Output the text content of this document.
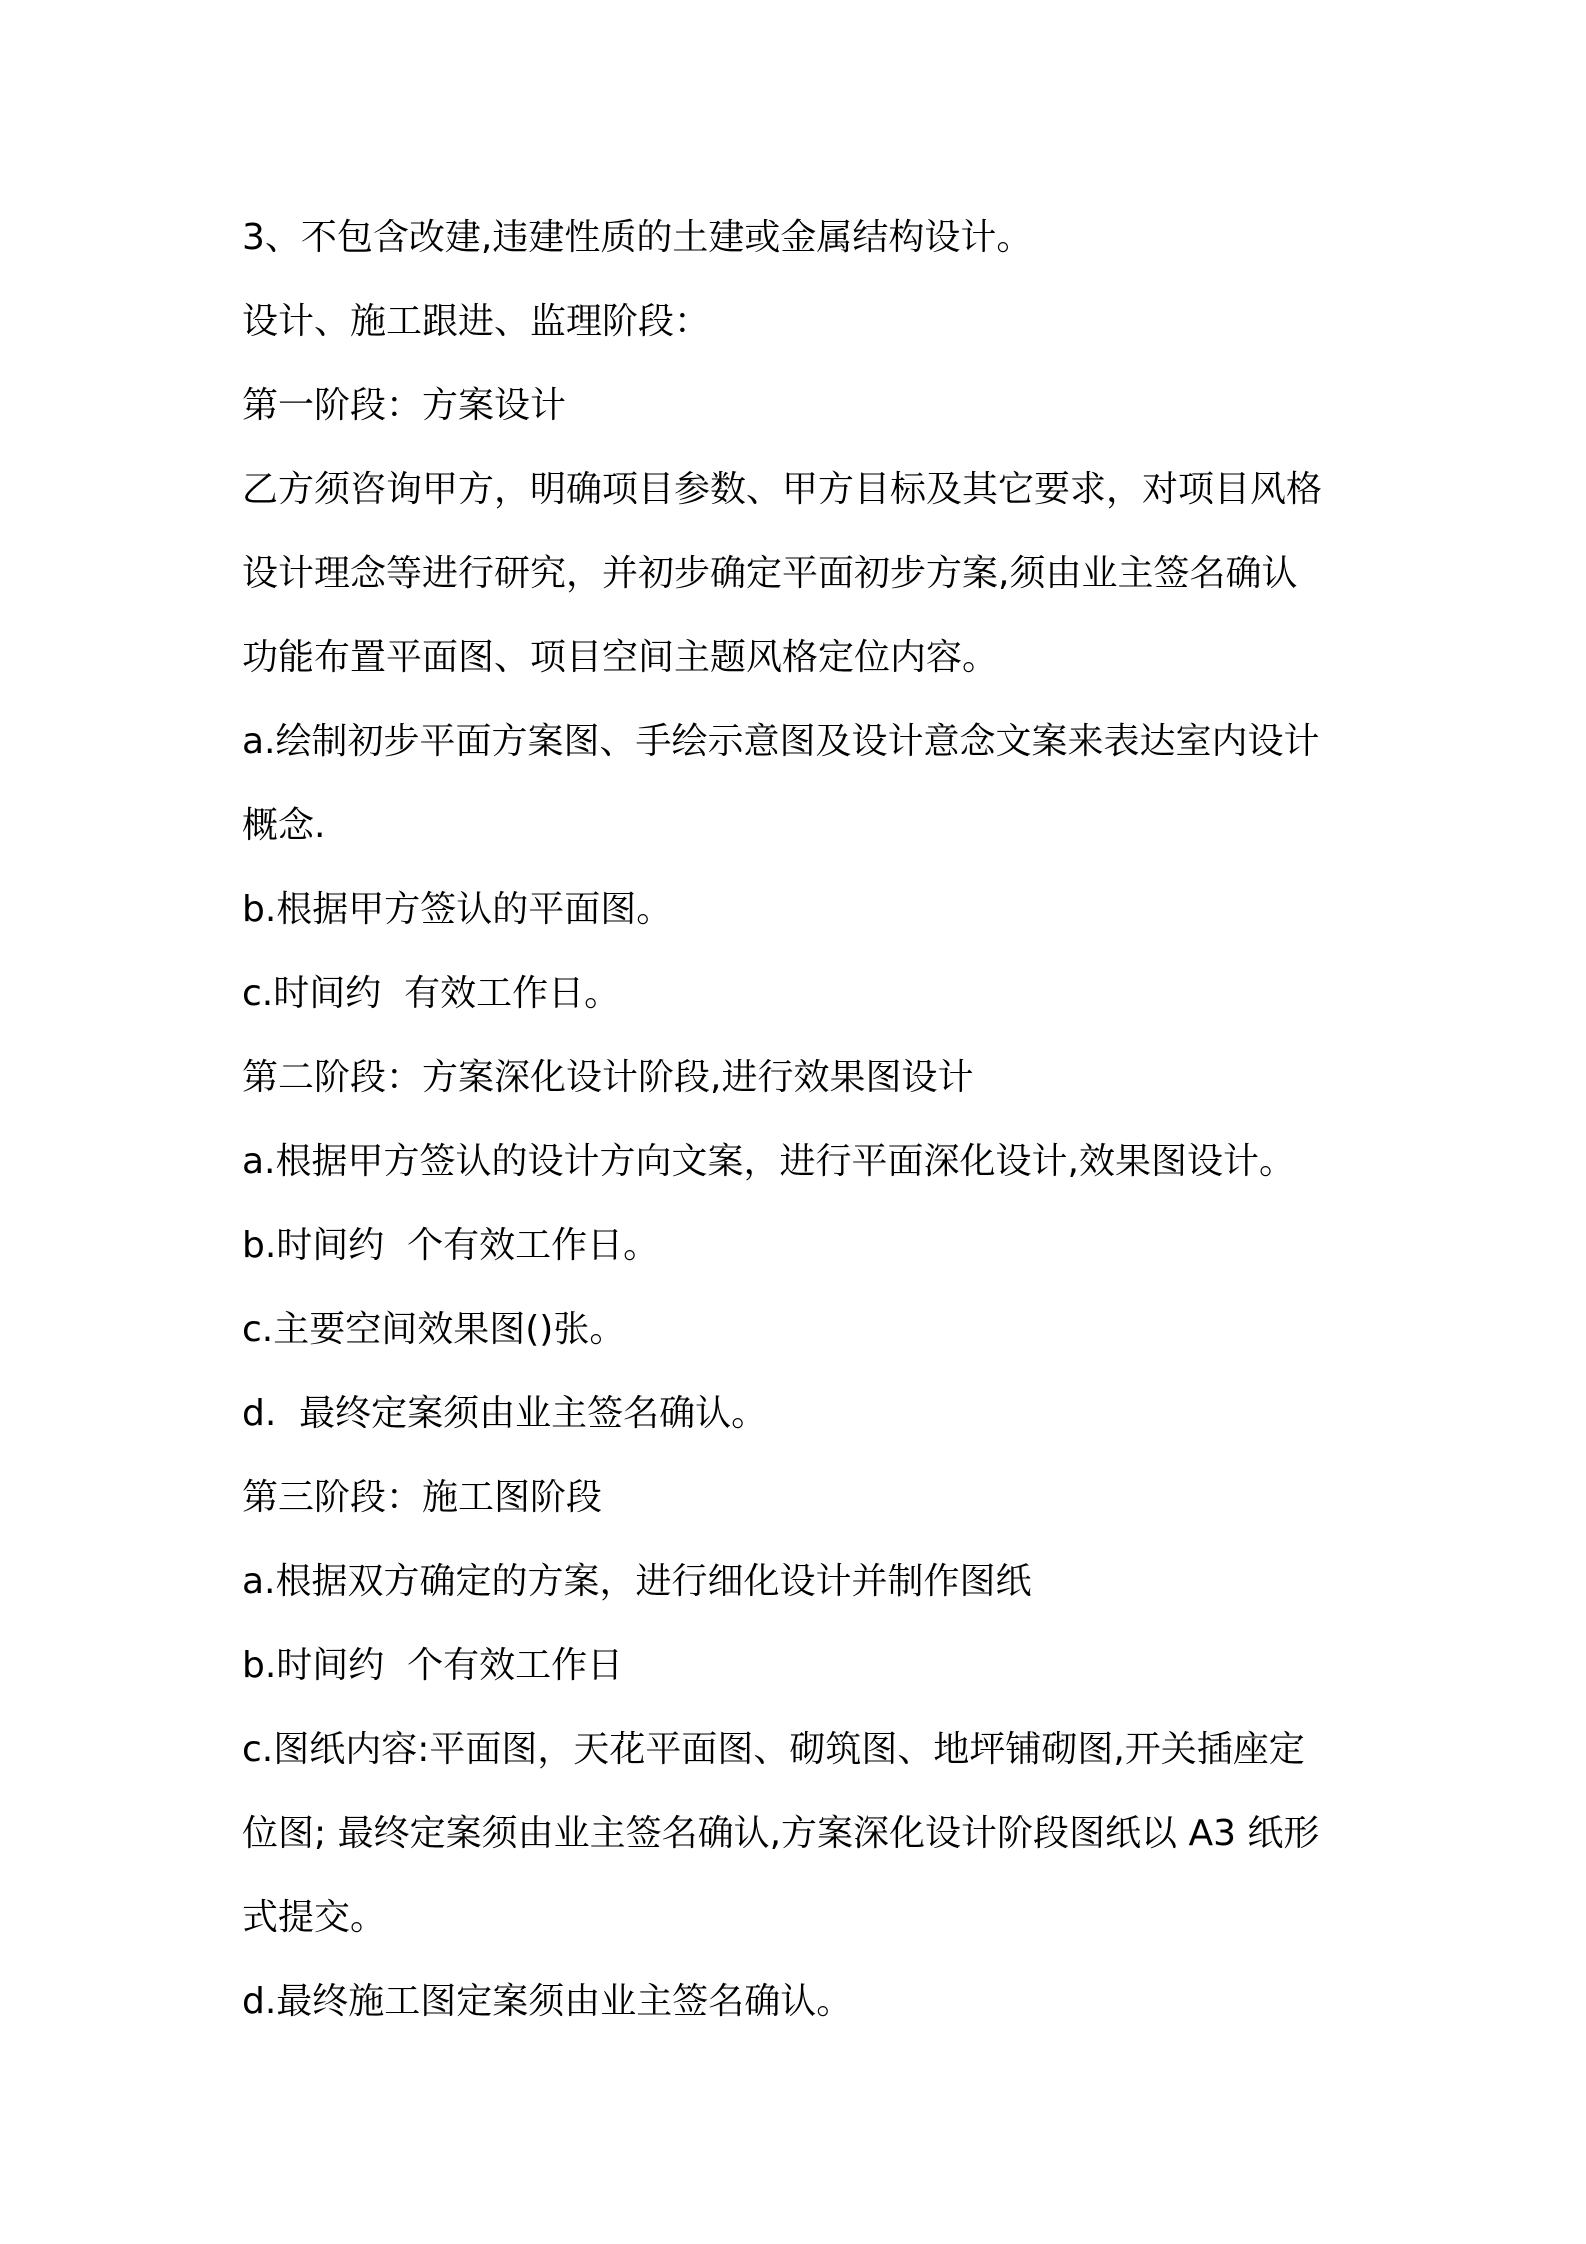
3、不包含改建,违建性质的土建或金属结构设计。
设计、施工跟进、监理阶段：
第一阶段：方案设计
乙方须咨询甲方，明确项目参数、甲方目标及其它要求，对项目风格
设计理念等进行研究，并初步确定平面初步方案,须由业主签名确认
功能布置平面图、项目空间主题风格定位内容。
a.绘制初步平面方案图、手绘示意图及设计意念文案来表达室内设计
概念.
b.根据甲方签认的平面图。
c.时间约  有效工作日。
第二阶段：方案深化设计阶段,进行效果图设计
a.根据甲方签认的设计方向文案，进行平面深化设计,效果图设计。
b.时间约  个有效工作日。
c.主要空间效果图()张。
d.  最终定案须由业主签名确认。
第三阶段：施工图阶段
a.根据双方确定的方案，进行细化设计并制作图纸
b.时间约  个有效工作日
c.图纸内容:平面图，天花平面图、砌筑图、地坪铺砌图,开关插座定
位图; 最终定案须由业主签名确认,方案深化设计阶段图纸以 A3 纸形
式提交。
d.最终施工图定案须由业主签名确认。
